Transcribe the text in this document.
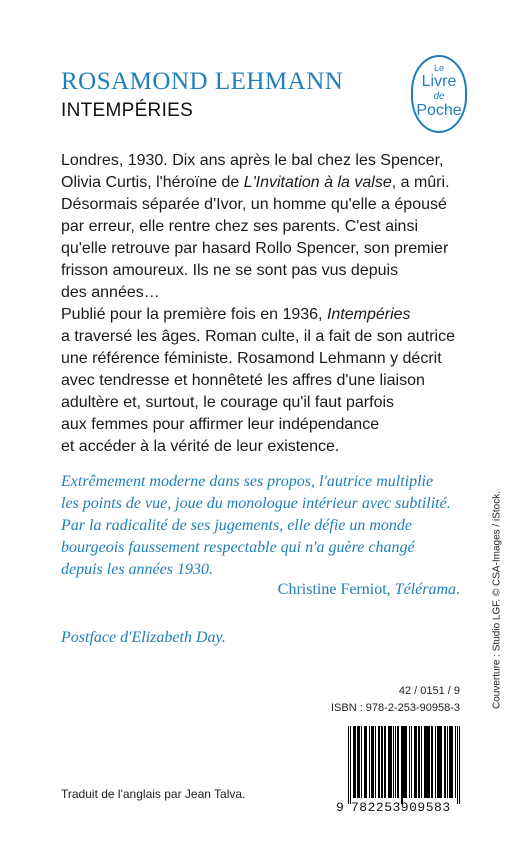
ROSAMOND LEHMANN
INTEMPÉRIES
Le
Livre
de
Poche

Londres, 1930. Dix ans après le bal chez les Spencer,

Olivia Curtis, l'héroïne de L'Invitation à la valse, a mûri.

Désormais séparée d'Ivor, un homme qu'elle a épousé

par erreur, elle rentre chez ses parents. C'est ainsi

qu'elle retrouve par hasard Rollo Spencer, son premier

frisson amoureux. Ils ne se sont pas vus depuis

des années…

Publié pour la première fois en 1936, Intempéries

a traversé les âges. Roman culte, il a fait de son autrice

une référence féministe. Rosamond Lehmann y décrit

avec tendresse et honnêteté les affres d'une liaison

adultère et, surtout, le courage qu'il faut parfois

aux femmes pour affirmer leur indépendance

et accéder à la vérité de leur existence.

Extrêmement moderne dans ses propos, l'autrice multiplie

les points de vue, joue du monologue intérieur avec subtilité.

Par la radicalité de ses jugements, elle défie un monde

bourgeois faussement respectable qui n'a guère changé

depuis les années 1930.

Christine Ferniot, Télérama.
Postface d'Elizabeth Day.	Couverture : Studio LGF. © CSA-Images / iStock.
42 / 0151 / 9
ISBN : 978-2-253-90958-3
Traduit de l'anglais par Jean Talva.
9 782253909583
